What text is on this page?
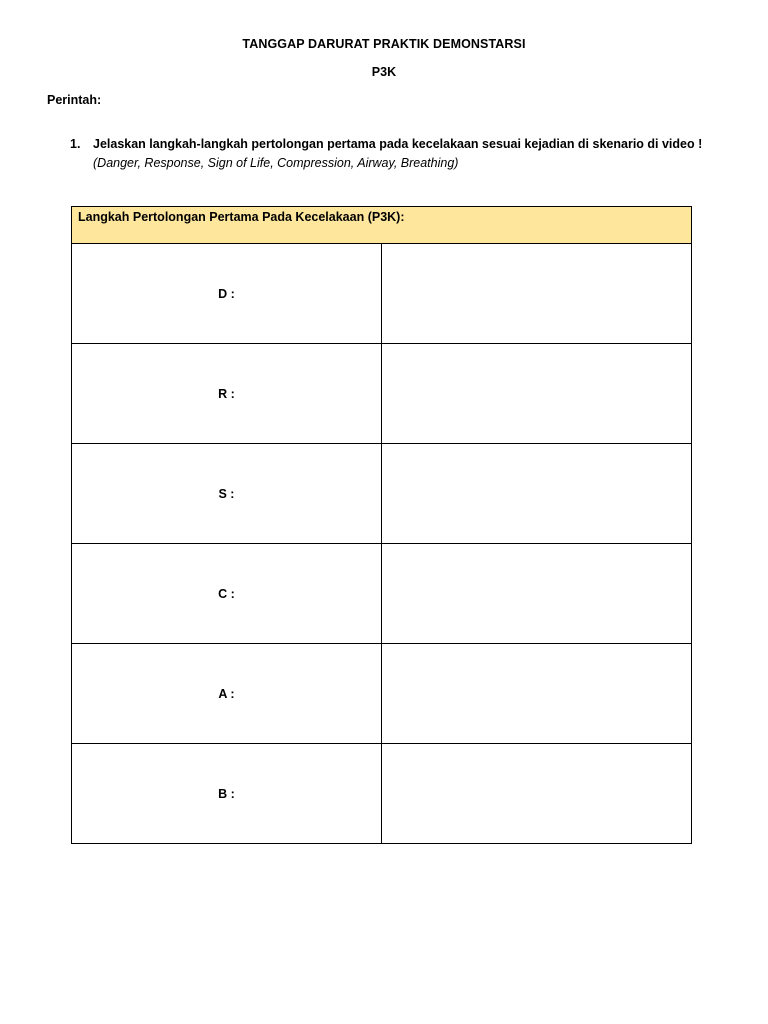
TANGGAP DARURAT PRAKTIK DEMONSTARSI
P3K
Perintah:
1. Jelaskan langkah-langkah pertolongan pertama pada kecelakaan sesuai kejadian di skenario di video !
(Danger, Response, Sign of Life, Compression, Airway, Breathing)
Langkah Pertolongan Pertama Pada Kecelakaan (P3K):	
D :	
R :	
S :	
C :	
A :	
B :	
